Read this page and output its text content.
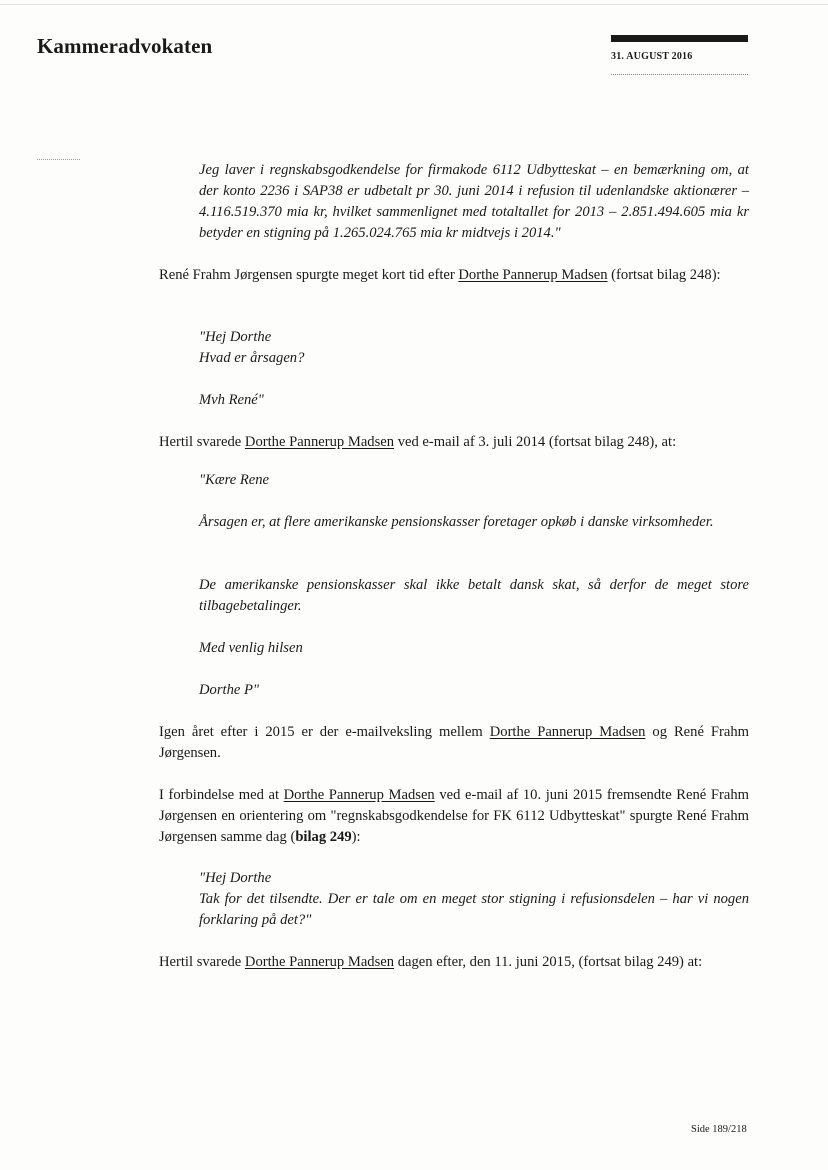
Kammeradvokaten	31. AUGUST 2016

Jeg laver i regnskabsgodkendelse for firmakode 6112 Udbytteskat – en bemærkning om, at der konto 2236 i SAP38 er udbetalt pr 30. juni 2014 i refusion til udenlandske aktionærer – 4.116.519.370 mia kr, hvilket sammenlignet med totaltallet for 2013 – 2.851.494.605 mia kr betyder en stigning på 1.265.024.765 mia kr midtvejs i 2014."

René Frahm Jørgensen spurgte meget kort tid efter Dorthe Pannerup Madsen (fortsat bilag 248):

"Hej Dorthe

Hvad er årsagen?

Mvh René"

Hertil svarede Dorthe Pannerup Madsen ved e-mail af 3. juli 2014 (fortsat bilag 248), at:

"Kære Rene

Årsagen er, at flere amerikanske pensionskasser foretager opkøb i danske virksomheder.

De amerikanske pensionskasser skal ikke betalt dansk skat, så derfor de meget store tilbagebetalinger.

Med venlig hilsen

Dorthe P"

Igen året efter i 2015 er der e-mailveksling mellem Dorthe Pannerup Madsen og René Frahm Jørgensen.

I forbindelse med at Dorthe Pannerup Madsen ved e-mail af 10. juni 2015 fremsendte René Frahm Jørgensen en orientering om "regnskabsgodkendelse for FK 6112 Udbytteskat" spurgte René Frahm Jørgensen samme dag (bilag 249):

"Hej Dorthe

Tak for det tilsendte. Der er tale om en meget stor stigning i refusionsdelen – har vi nogen forklaring på det?"

Hertil svarede Dorthe Pannerup Madsen dagen efter, den 11. juni 2015, (fortsat bilag 249) at:

Side 189/218
